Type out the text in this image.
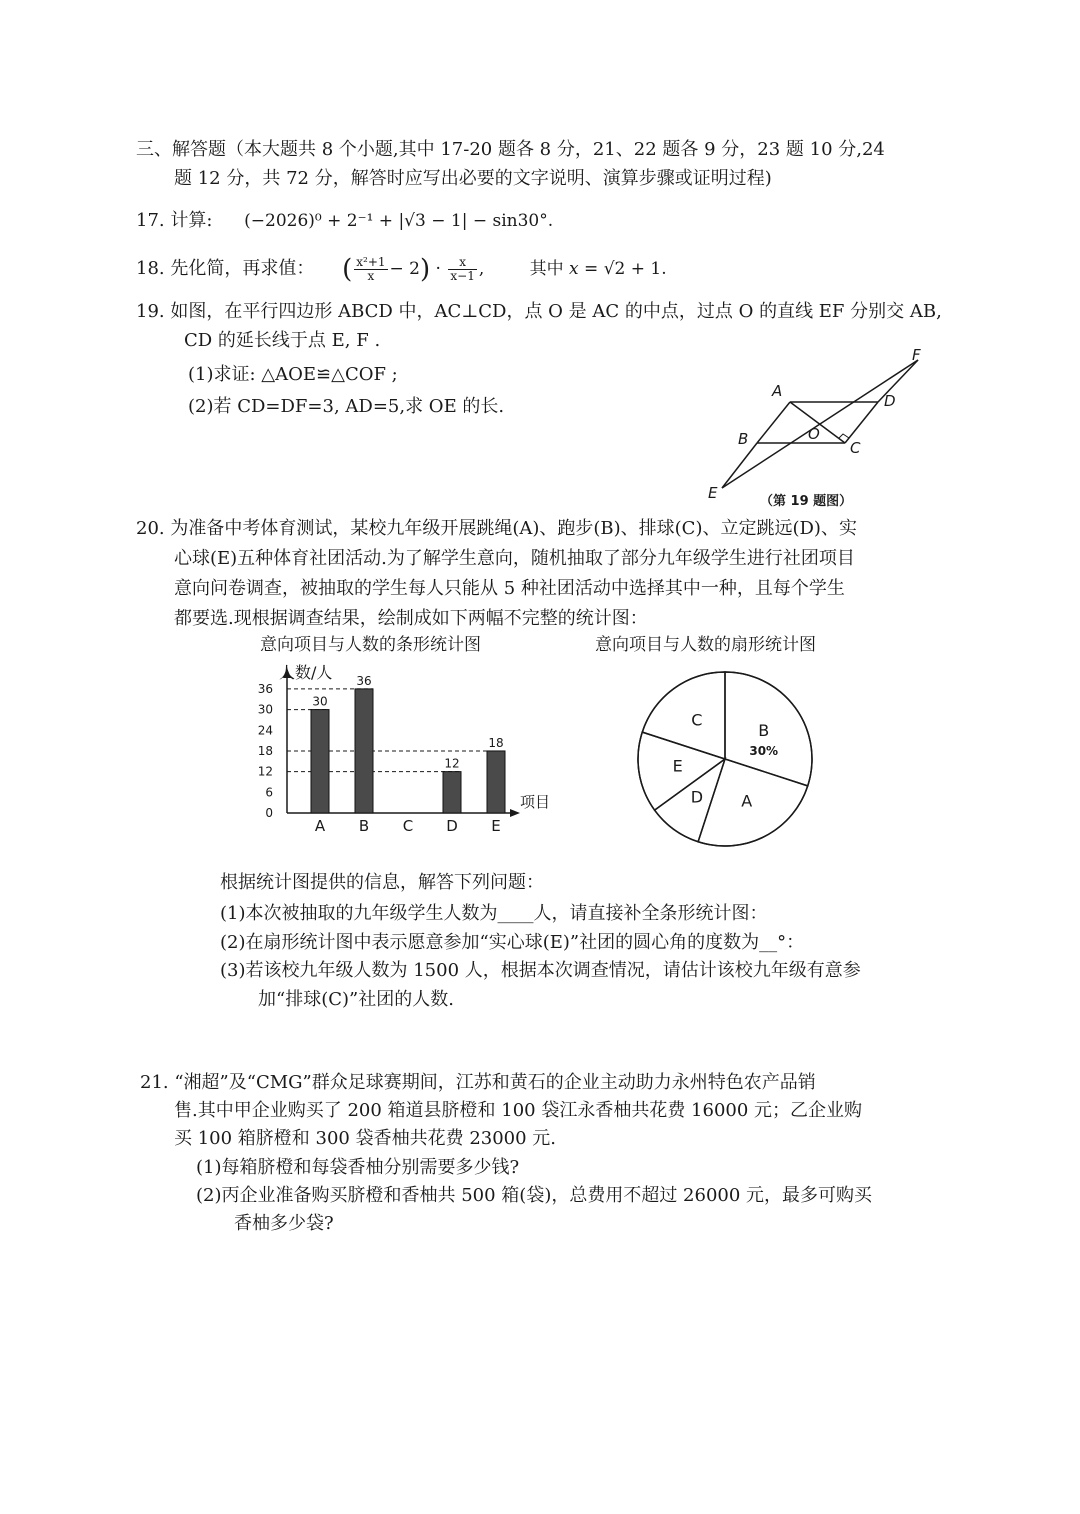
三、解答题（本大题共 8 个小题,其中 17-20 题各 8 分，21、22 题各 9 分，23 题 10 分,24
题 12 分，共 72 分，解答时应写出必要的文字说明、演算步骤或证明过程)
17. 计算: (−2026)⁰ + 2⁻¹ + |√3 − 1| − sin30°.
18. 先化简，再求值： ( $\frac{\text{x²+1}}{x} - 2) \cdot \frac{x}{x-1}$ , 其中 𝑥 = √2 + 1.
19. 如图，在平行四边形 ABCD 中，AC⊥CD，点 O 是 AC 的中点，过点 O 的直线 EF 分别交 AB,
CD 的延长线于点 E, F .
(1)求证: △AOE≌△COF ;
(2)若 CD=DF=3, AD=5,求 OE 的长.
A
B	C
D
E
F
O
（第 19 题图）
20. 为准备中考体育测试，某校九年级开展跳绳(A)、跑步(B)、排球(C)、立定跳远(D)、实
心球(E)五种体育社团活动.为了解学生意向，随机抽取了部分九年级学生进行社团项目
意向问卷调查，被抽取的学生每人只能从 5 种社团活动中选择其中一种，且每个学生
都要选.现根据调查结果，绘制成如下两幅不完整的统计图：
意向项目与人数的条形统计图	意向项目与人数的扇形统计图
人数/人
项目
0
6
12
18
24
30
36
30
A
36
B C
12
D
18
E
B
30%
A
D
E
C
根据统计图提供的信息，解答下列问题：
(1)本次被抽取的九年级学生人数为____人，请直接补全条形统计图：
(2)在扇形统计图中表示愿意参加“实心球(E)”社团的圆心角的度数为__°：
(3)若该校九年级人数为 1500 人，根据本次调查情况，请估计该校九年级有意参
加“排球(C)”社团的人数.
21. “湘超”及“CMG”群众足球赛期间，江苏和黄石的企业主动助力永州特色农产品销
售.其中甲企业购买了 200 箱道县脐橙和 100 袋江永香柚共花费 16000 元；乙企业购
买 100 箱脐橙和 300 袋香柚共花费 23000 元.
(1)每箱脐橙和每袋香柚分别需要多少钱?
(2)丙企业准备购买脐橙和香柚共 500 箱(袋)，总费用不超过 26000 元，最多可购买
香柚多少袋?
